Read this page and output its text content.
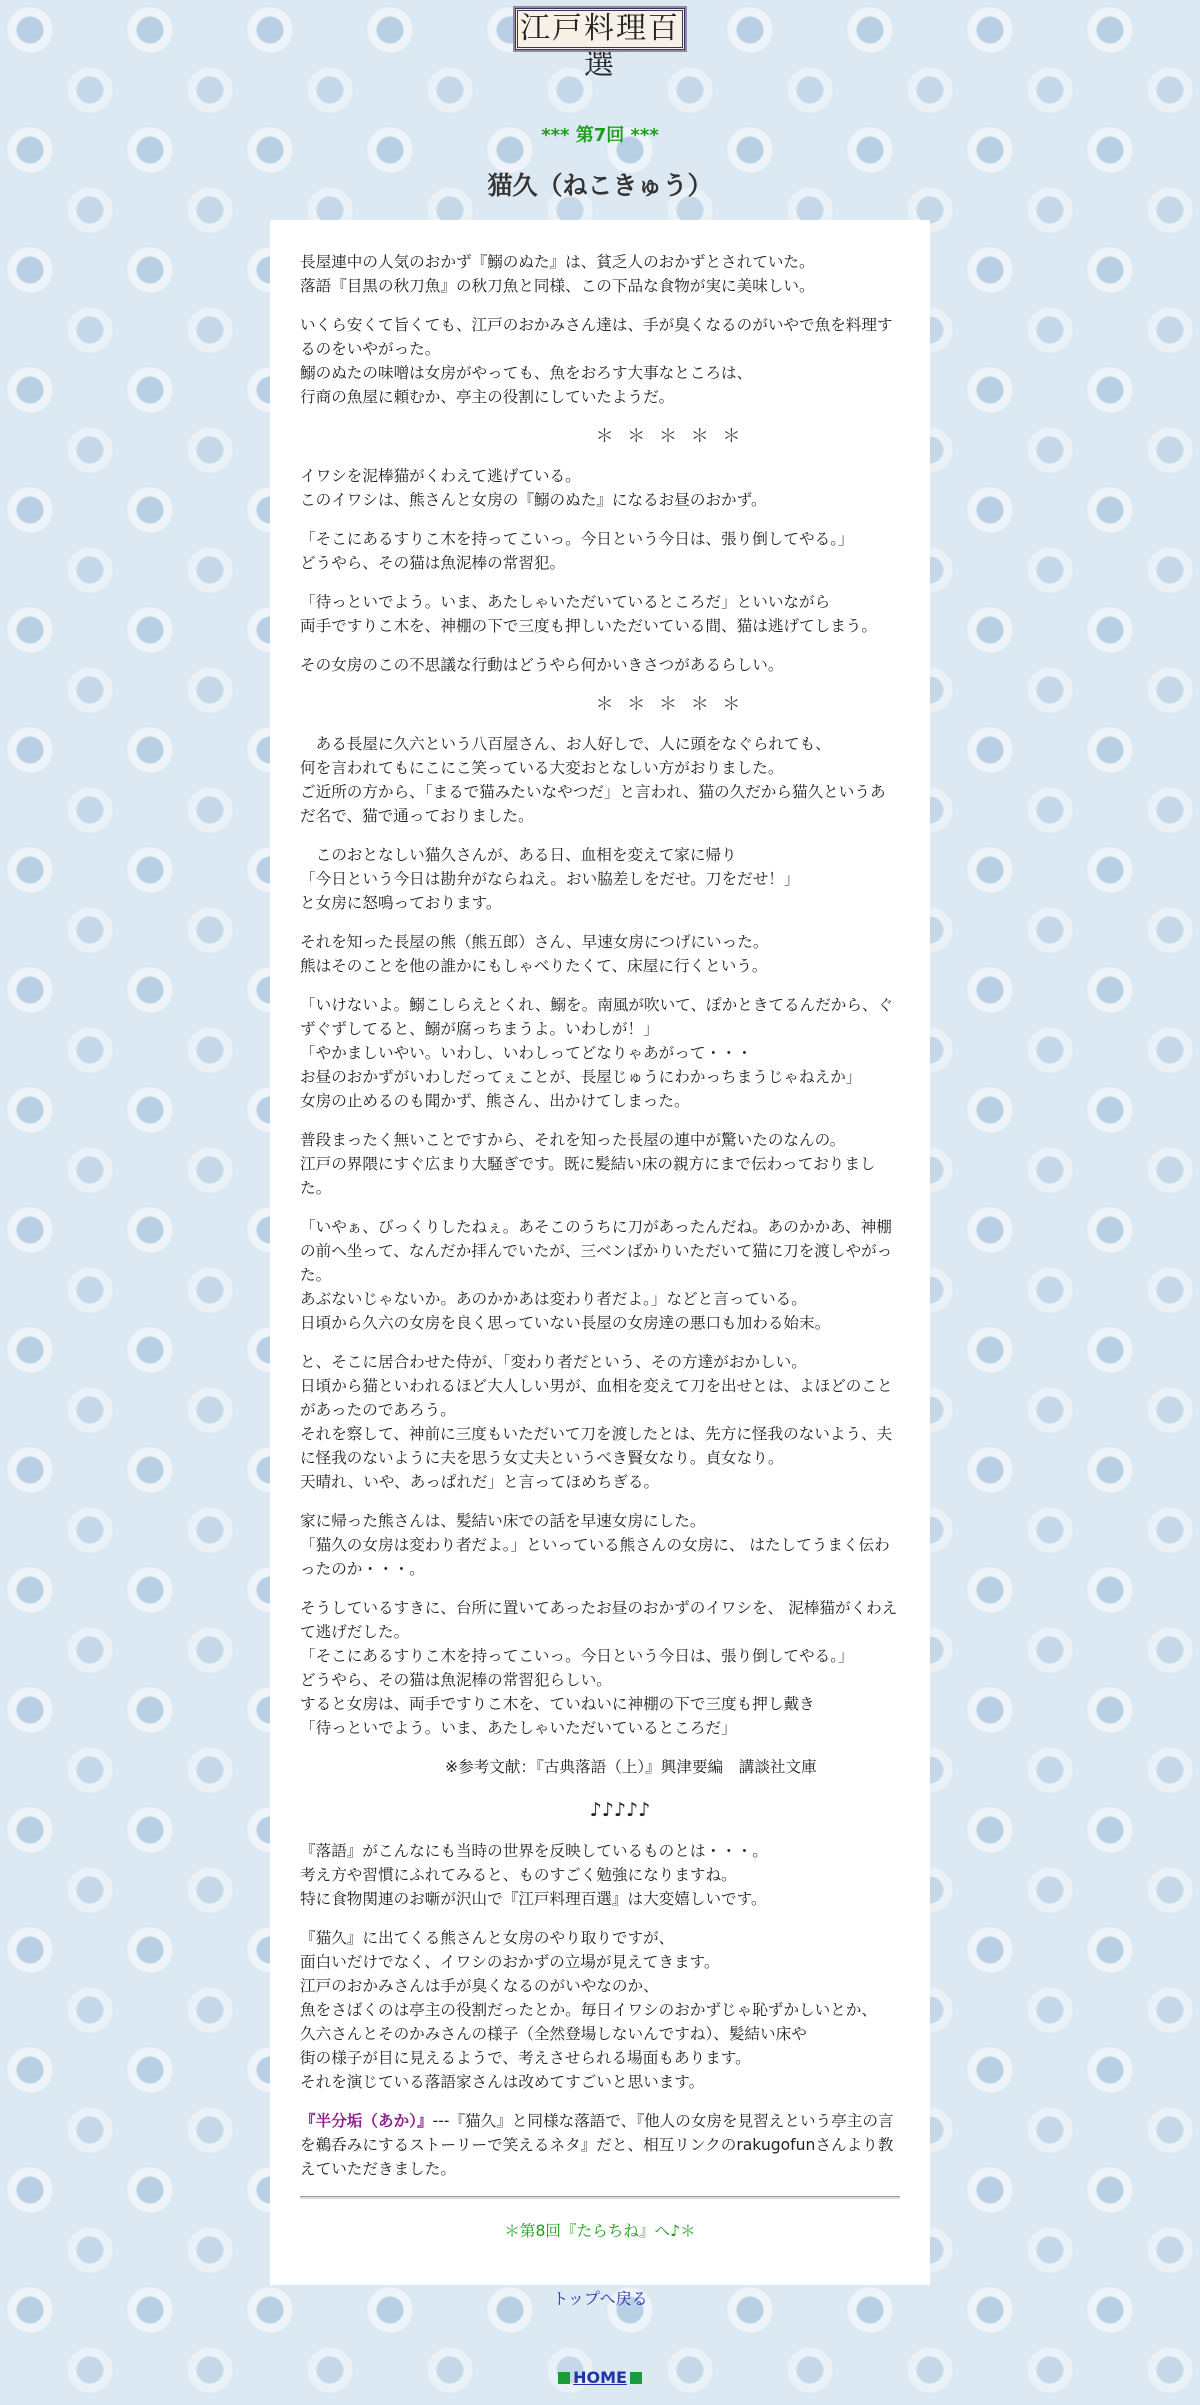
江戸料理百選
*** 第7回 ***
猫久（ねこきゅう）

長屋連中の人気のおかず『鰯のぬた』は、貧乏人のおかずとされていた。
落語『目黒の秋刀魚』の秋刀魚と同様、この下品な食物が実に美味しい。

いくら安くて旨くても、江戸のおかみさん達は、手が臭くなるのがいやで魚を料理するのをいやがった。
鰯のぬたの味噌は女房がやっても、魚をおろす大事なところは、
行商の魚屋に頼むか、亭主の役割にしていたようだ。

＊ ＊ ＊ ＊ ＊

イワシを泥棒猫がくわえて逃げている。
このイワシは、熊さんと女房の『鰯のぬた』になるお昼のおかず。

「そこにあるすりこ木を持ってこいっ。今日という今日は、張り倒してやる。」
どうやら、その猫は魚泥棒の常習犯。

「待っといでよう。いま、あたしゃいただいているところだ」といいながら
両手ですりこ木を、神棚の下で三度も押しいただいている間、猫は逃げてしまう。

その女房のこの不思議な行動はどうやら何かいきさつがあるらしい。

＊ ＊ ＊ ＊ ＊

　ある長屋に久六という八百屋さん、お人好しで、人に頭をなぐられても、
何を言われてもにこにこ笑っている大変おとなしい方がおりました。
ご近所の方から、「まるで猫みたいなやつだ」と言われ、猫の久だから猫久というあだ名で、猫で通っておりました。

　このおとなしい猫久さんが、ある日、血相を変えて家に帰り
「今日という今日は勘弁がならねえ。おい脇差しをだせ。刀をだせ！」
と女房に怒鳴っております。

それを知った長屋の熊（熊五郎）さん、早速女房につげにいった。
熊はそのことを他の誰かにもしゃべりたくて、床屋に行くという。

「いけないよ。鰯こしらえとくれ、鰯を。南風が吹いて、ぽかときてるんだから、ぐずぐずしてると、鰯が腐っちまうよ。いわしが！」
「やかましいやい。いわし、いわしってどなりゃあがって・・・
お昼のおかずがいわしだってぇことが、長屋じゅうにわかっちまうじゃねえか」
女房の止めるのも聞かず、熊さん、出かけてしまった。

普段まったく無いことですから、それを知った長屋の連中が驚いたのなんの。
江戸の界隈にすぐ広まり大騒ぎです。既に髪結い床の親方にまで伝わっておりました。

「いやぁ、びっくりしたねぇ。あそこのうちに刀があったんだね。あのかかあ、神棚の前へ坐って、なんだか拝んでいたが、三ベンばかりいただいて猫に刀を渡しやがった。
あぶないじゃないか。あのかかあは変わり者だよ。」などと言っている。
日頃から久六の女房を良く思っていない長屋の女房達の悪口も加わる始末。

と、そこに居合わせた侍が、「変わり者だという、その方達がおかしい。
日頃から猫といわれるほど大人しい男が、血相を変えて刀を出せとは、よほどのことがあったのであろう。
それを察して、神前に三度もいただいて刀を渡したとは、先方に怪我のないよう、夫に怪我のないように夫を思う女丈夫というべき賢女なり。貞女なり。
天晴れ、いや、あっぱれだ」と言ってほめちぎる。

家に帰った熊さんは、髪結い床での話を早速女房にした。
「猫久の女房は変わり者だよ。」といっている熊さんの女房に、 はたしてうまく伝わったのか・・・。

そうしているすきに、台所に置いてあったお昼のおかずのイワシを、 泥棒猫がくわえて逃げだした。
「そこにあるすりこ木を持ってこいっ。今日という今日は、張り倒してやる。」
どうやら、その猫は魚泥棒の常習犯らしい。
すると女房は、両手ですりこ木を、ていねいに神棚の下で三度も押し戴き
「待っといでよう。いま、あたしゃいただいているところだ」

※参考文献：『古典落語（上）』興津要編　講談社文庫
♪♪♪♪♪

『落語』がこんなにも当時の世界を反映しているものとは・・・。
考え方や習慣にふれてみると、ものすごく勉強になりますね。
特に食物関連のお噺が沢山で『江戸料理百選』は大変嬉しいです。

『猫久』に出てくる熊さんと女房のやり取りですが、
面白いだけでなく、イワシのおかずの立場が見えてきます。
江戸のおかみさんは手が臭くなるのがいやなのか、
魚をさばくのは亭主の役割だったとか。毎日イワシのおかずじゃ恥ずかしいとか、
久六さんとそのかみさんの様子（全然登場しないんですね）、髪結い床や
街の様子が目に見えるようで、考えさせられる場面もあります。
それを演じている落語家さんは改めてすごいと思います。

『半分垢（あか）』---『猫久』と同様な落語で、『他人の女房を見習えという亭主の言を鵜呑みにするストーリーで笑えるネタ』だと、相互リンクのrakugofunさんより教えていただきました。

＊第8回『たらちね』へ♪＊
トップへ戻る
HOME
